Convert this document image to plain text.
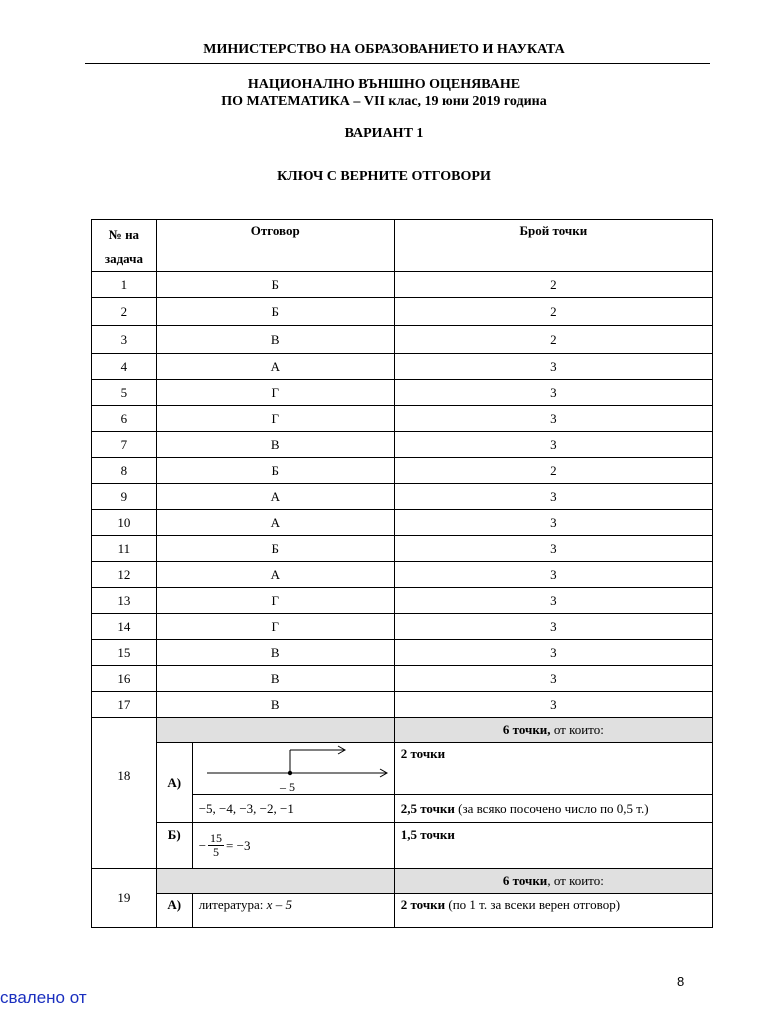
МИНИСТЕРСТВО НА ОБРАЗОВАНИЕТО И НАУКАТА
НАЦИОНАЛНО ВЪНШНО ОЦЕНЯВАНЕ
ПО МАТЕМАТИКА – VII клас, 19 юни 2019 година
ВАРИАНТ 1
КЛЮЧ С ВЕРНИТЕ ОТГОВОРИ
№ на
задача	Отговор		Брой точки
1	Б		2
2	Б		2
3	В		2
4	А		3
5	Г		3
6	Г		3
7	В		3
8	Б		2
9	А		3
10	А		3
11	Б		3
12	А		3
13	Г		3
14	Г		3
15	В		3
16	В		3
17	В		3
18			6 точки, от които:
	А)	– 5	2 точки
		−5, −4, −3, −2, −1	2,5 точки (за всяко посочено число по 0,5 т.)
	Б)	− $\frac{15}{5} = -3$	1,5 точки
19			6 точки, от които:
	А)	литература: x – 5	2 точки (по 1 т. за всеки верен отговор)
8
свалено от
